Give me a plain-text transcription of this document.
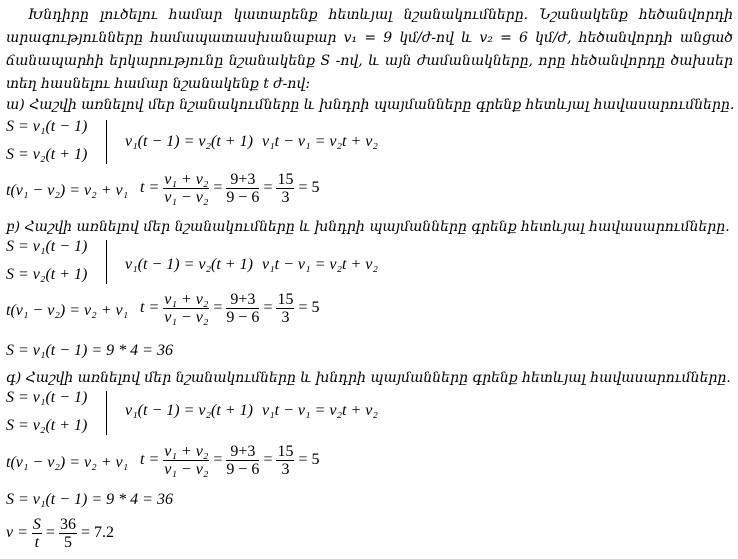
Խնդիրը լուծելու համար կատարենք հետևյալ նշանակումները. Նշանակենք հեծանվորդի
արագությունները համապատասխանաբար v₁ = 9 կմ/ժ-ով և v₂ = 6 կմ/ժ, հեծանվորդի անցած
ճանապարհի երկարությունը նշանակենք S -ով, և այն ժամանակները, որը հեծանվորդը ծախսեր
տեղ հասնելու համար նշանակենք t ժ-ով:
ա) Հաշվի առնելով մեր նշանակումները և խնդրի պայմանները գրենք հետևյալ հավասարումները.
S = v₁(t − 1)
S = v₂(t + 1)
v₁(t − 1) = v₂(t + 1) v₁t − v₁ = v₂t + v₂
t(v₁ − v₂) = v₂ + v₁ $t = \frac{\text{v₁ + v₂}}{\text{v₁ − v₂}} = \frac{9+3}{9 - 6} = \frac{15}{3} = 5$
բ) Հաշվի առնելով մեր նշանակումները և խնդրի պայմանները գրենք հետևյալ հավասարումները.
S = v₁(t − 1)
S = v₂(t + 1)
v₁(t − 1) = v₂(t + 1) v₁t − v₁ = v₂t + v₂
t(v₁ − v₂) = v₂ + v₁ $t = \frac{\text{v₁ + v₂}}{\text{v₁ − v₂}} = \frac{9+3}{9 - 6} = \frac{15}{3} = 5$
S = v₁(t − 1) = 9 * 4 = 36
գ) Հաշվի առնելով մեր նշանակումները և խնդրի պայմանները գրենք հետևյալ հավասարումները.
S = v₁(t − 1)
S = v₂(t + 1)
v₁(t − 1) = v₂(t + 1) v₁t − v₁ = v₂t + v₂
t(v₁ − v₂) = v₂ + v₁ $t = \frac{\text{v₁ + v₂}}{\text{v₁ − v₂}} = \frac{9+3}{9 - 6} = \frac{15}{3} = 5$
S = v₁(t − 1) = 9 * 4 = 36
$v = \frac{S}{t} = \frac{36}{5} = 7.2$
